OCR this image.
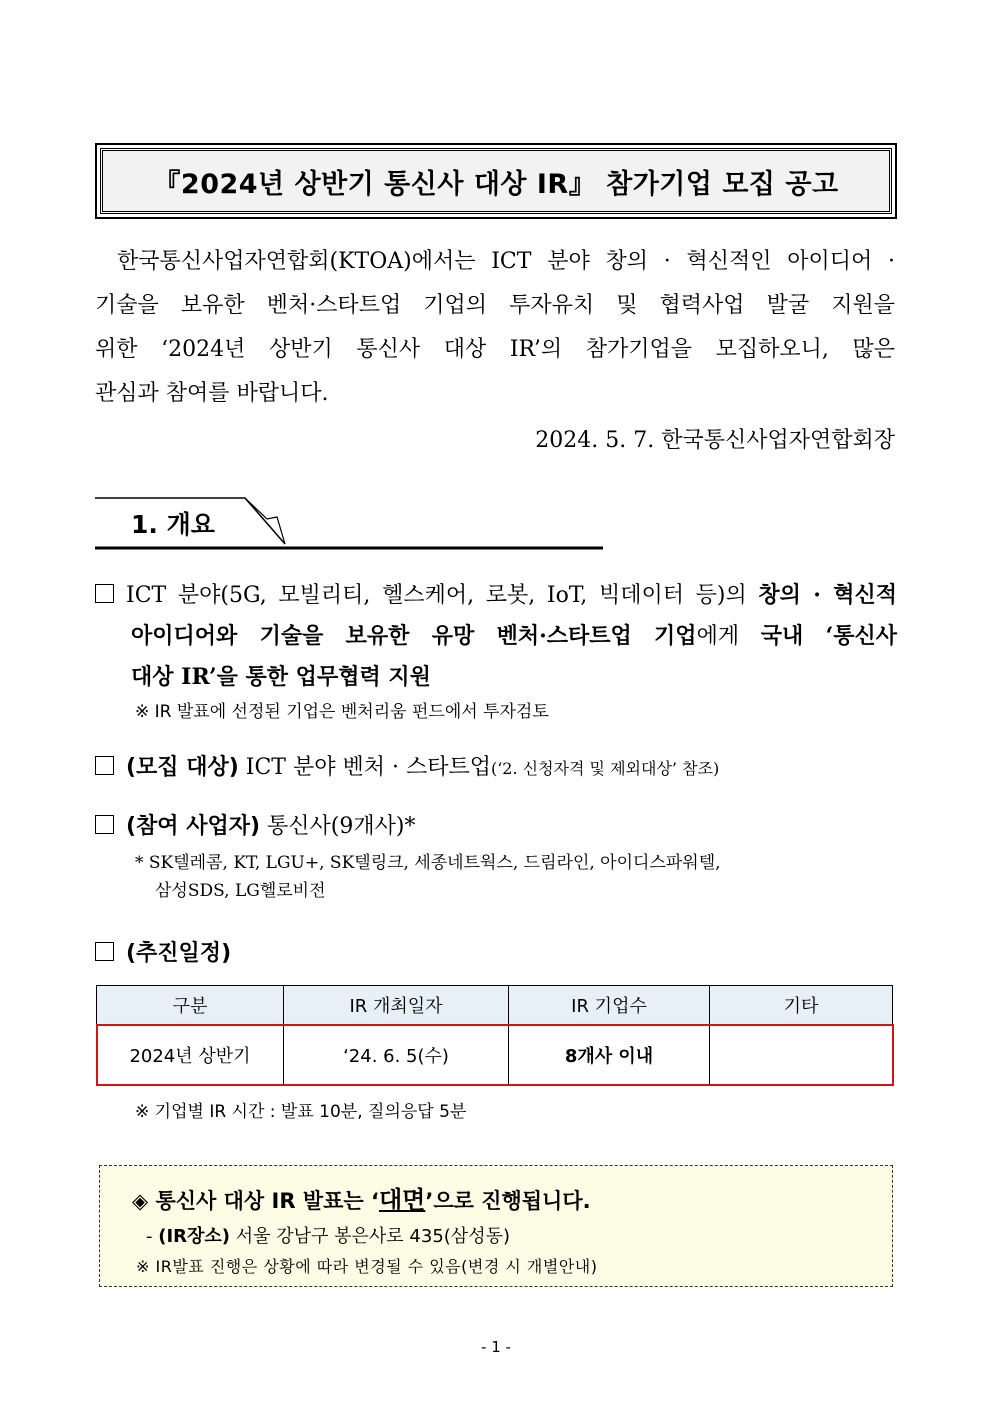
『2024년 상반기 통신사 대상 IR』 참가기업 모집 공고
한국통신사업자연합회(KTOA)에서는 ICT 분야 창의 · 혁신적인 아이디어 ·
기술을 보유한 벤처·스타트업 기업의 투자유치 및 협력사업 발굴 지원을
위한 ‘2024년 상반기 통신사 대상 IR’의 참가기업을 모집하오니, 많은
관심과 참여를 바랍니다.
2024. 5. 7. 한국통신사업자연합회장
1. 개요
ICT 분야(5G, 모빌리티, 헬스케어, 로봇, IoT, 빅데이터 등)의 창의 · 혁신적
아이디어와 기술을 보유한 유망 벤처·스타트업 기업에게 국내 ‘통신사
대상 IR’을 통한 업무협력 지원
※ IR 발표에 선정된 기업은 벤처리움 펀드에서 투자검토
(모집 대상) ICT 분야 벤처 · 스타트업(‘2. 신청자격 및 제외대상’ 참조)
(참여 사업자) 통신사(9개사)*
* SK텔레콤, KT, LGU+, SK텔링크, 세종네트웍스, 드림라인, 아이디스파워텔,
삼성SDS, LG헬로비전
(추진일정)
구분	IR 개최일자	IR 기업수	기타
2024년 상반기	‘24. 6. 5(수)	8개사 이내	
※ 기업별 IR 시간 : 발표 10분, 질의응답 5분
◈ 통신사 대상 IR 발표는 ‘대면’으로 진행됩니다.
- (IR장소) 서울 강남구 봉은사로 435(삼성동)
※ IR발표 진행은 상황에 따라 변경될 수 있음(변경 시 개별안내)
- 1 -
